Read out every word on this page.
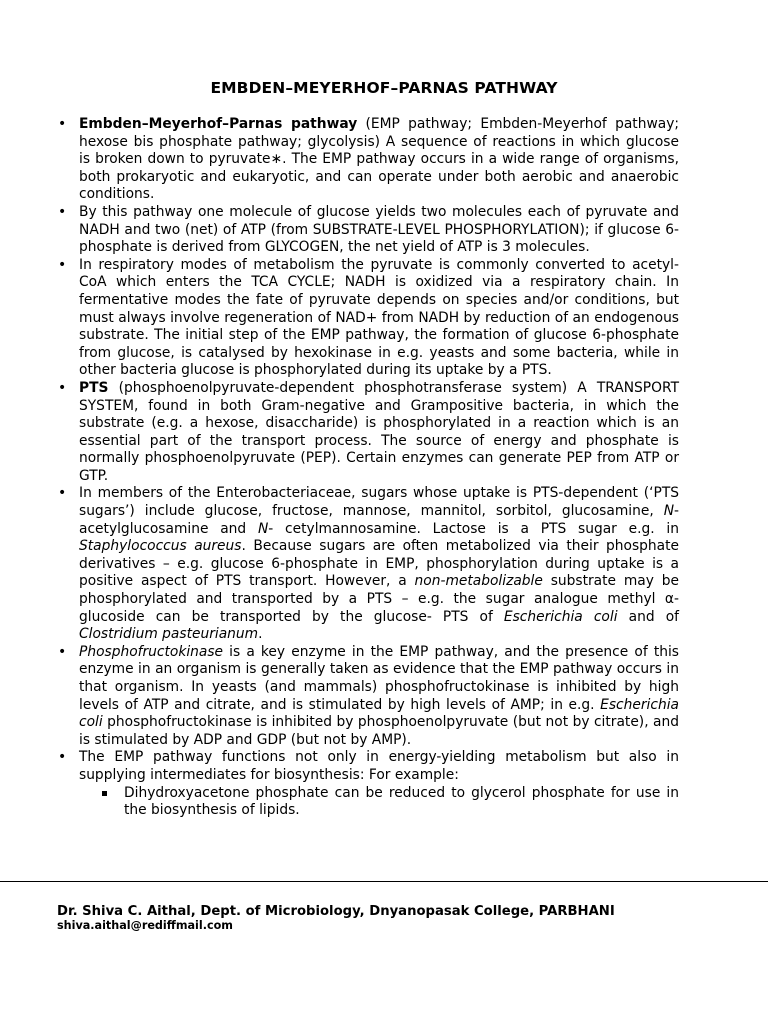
EMBDEN–MEYERHOF–PARNAS PATHWAY
• Embden–Meyerhof–Parnas pathway (EMP pathway; Embden-Meyerhof pathway; hexose bis phosphate pathway; glycolysis) A sequence of reactions in which glucose is broken down to pyruvate∗. The EMP pathway occurs in a wide range of organisms, both prokaryotic and eukaryotic, and can operate under both aerobic and anaerobic conditions.
• By this pathway one molecule of glucose yields two molecules each of pyruvate and NADH and two (net) of ATP (from SUBSTRATE-LEVEL PHOSPHORYLATION); if glucose 6-phosphate is derived from GLYCOGEN, the net yield of ATP is 3 molecules.
• In respiratory modes of metabolism the pyruvate is commonly converted to acetyl-CoA which enters the TCA CYCLE; NADH is oxidized via a respiratory chain. In fermentative modes the fate of pyruvate depends on species and/or conditions, but must always involve regeneration of NAD+ from NADH by reduction of an endogenous substrate. The initial step of the EMP pathway, the formation of glucose 6-phosphate from glucose, is catalysed by hexokinase in e.g. yeasts and some bacteria, while in other bacteria glucose is phosphorylated during its uptake by a PTS.
• PTS (phosphoenolpyruvate-dependent phosphotransferase system) A TRANSPORT SYSTEM, found in both Gram-negative and Grampositive bacteria, in which the substrate (e.g. a hexose, disaccharide) is phosphorylated in a reaction which is an essential part of the transport process. The source of energy and phosphate is normally phosphoenolpyruvate (PEP). Certain enzymes can generate PEP from ATP or GTP.
• In members of the Enterobacteriaceae, sugars whose uptake is PTS-dependent (‘PTS sugars’) include glucose, fructose, mannose, mannitol, sorbitol, glucosamine, N-acetylglucosamine and N- cetylmannosamine. Lactose is a PTS sugar e.g. in Staphylococcus aureus. Because sugars are often metabolized via their phosphate derivatives – e.g. glucose 6-phosphate in EMP, phosphorylation during uptake is a positive aspect of PTS transport. However, a non-metabolizable substrate may be phosphorylated and transported by a PTS – e.g. the sugar analogue methyl α-glucoside can be transported by the glucose- PTS of Escherichia coli and of Clostridium pasteurianum.
• Phosphofructokinase is a key enzyme in the EMP pathway, and the presence of this enzyme in an organism is generally taken as evidence that the EMP pathway occurs in that organism. In yeasts (and mammals) phosphofructokinase is inhibited by high levels of ATP and citrate, and is stimulated by high levels of AMP; in e.g. Escherichia coli phosphofructokinase is inhibited by phosphoenolpyruvate (but not by citrate), and is stimulated by ADP and GDP (but not by AMP).
• The EMP pathway functions not only in energy-yielding metabolism but also in supplying intermediates for biosynthesis: For example:
Dihydroxyacetone phosphate can be reduced to glycerol phosphate for use in the biosynthesis of lipids.

Dr. Shiva C. Aithal, Dept. of Microbiology, Dnyanopasak College, PARBHANI

shiva.aithal@rediffmail.com
